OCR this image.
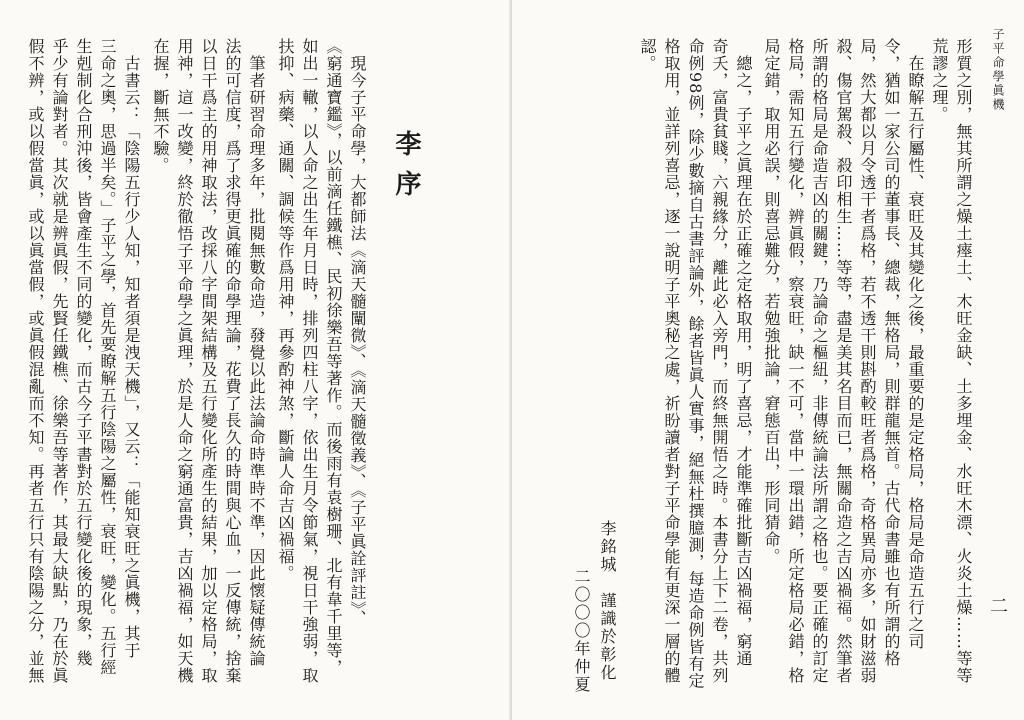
李序
　現今子平命學，大都師法《滴天髓闡微》、《滴天髓徵義》、《子平眞詮評註》、
《窮通寶鑑》，以前滴任鐵樵、民初徐樂吾等著作。而後雨有袁樹珊、北有韋千里等，
如出一轍，以人命之出生年月日時，排列四柱八字，依出生月令節氣，視日干強弱，取
扶抑、病藥、通關、調候等作爲用神，再參酌神煞，斷論人命吉凶禍福。
　筆者研習命理多年，批閱無數命造，發覺以此法論命時準時不準，因此懷疑傳統論
法的可信度，爲了求得更眞確的命學理論，花費了長久的時間與心血，一反傳統，捨棄
以日干爲主的用神取法，改採八字間架結構及五行變化所產生的結果，加以定格局，取
用神，這一改變，終於徹悟子平命學之眞理，於是人命之窮通富貴，吉凶禍福，如天機
在握，斷無不驗。
　古書云：「陰陽五行少人知，知者須是洩天機」，又云：「能知衰旺之眞機，其于
三命之奧，思過半矣。」子平之學，首先要瞭解五行陰陽之屬性，衰旺，變化。五行經
生剋制化合刑沖後，皆會產生不同的變化，而古今子平書對於五行變化後的現象，幾
乎少有論對者。其次就是辨眞假，先賢任鐵樵、徐樂吾等著作，其最大缺點，乃在於眞
假不辨，或以假當眞，或以眞當假，或眞假混亂而不知。再者五行只有陰陽之分，並無	子平命學眞機
二
形質之別，無其所謂之燥土瘞土、木旺金缺、土多埋金、水旺木漂、火炎土燥……等等
荒謬之理。
　在瞭解五行屬性、衰旺及其變化之後，最重要的是定格局，格局是命造五行之司
令，猶如一家公司的董事長、總裁，無格局，則群龍無首。古代命書雖也有所謂的格
局，然大都以月令透干者爲格，若不透干則斟酌較旺者爲格，奇格異局亦多，如財滋弱
殺、傷官駕殺、殺印相生……等等，盡是美其名目而已，無關命造之吉凶禍福。然筆者
所謂的格局是命造吉凶的關鍵，乃論命之樞紐，非傳統論法所謂之格也。要正確的訂定
格局，需知五行變化，辨眞假，察衰旺，缺一不可，當中一環出錯，所定格局必錯，格
局定錯，取用必誤，則喜忌難分，若勉強批論，窘態百出，形同猜命。
　總之，子平之眞理在於正確之定格取用，明了喜忌，才能準確批斷吉凶禍福，窮通
奇夭，富貴貧賤，六親緣分，離此必入旁門，而終無開悟之時。本書分上下二卷，共列
命例98例，除少數摘自古書評論外，餘者皆眞人實事，絕無杜撰臆測，每造命例皆有定
格取用，並詳列喜忌，逐一說明子平奧秘之處，祈盼讀者對子平命學能有更深一層的體
認。
李銘城　謹識於彰化
二〇〇〇年仲夏
